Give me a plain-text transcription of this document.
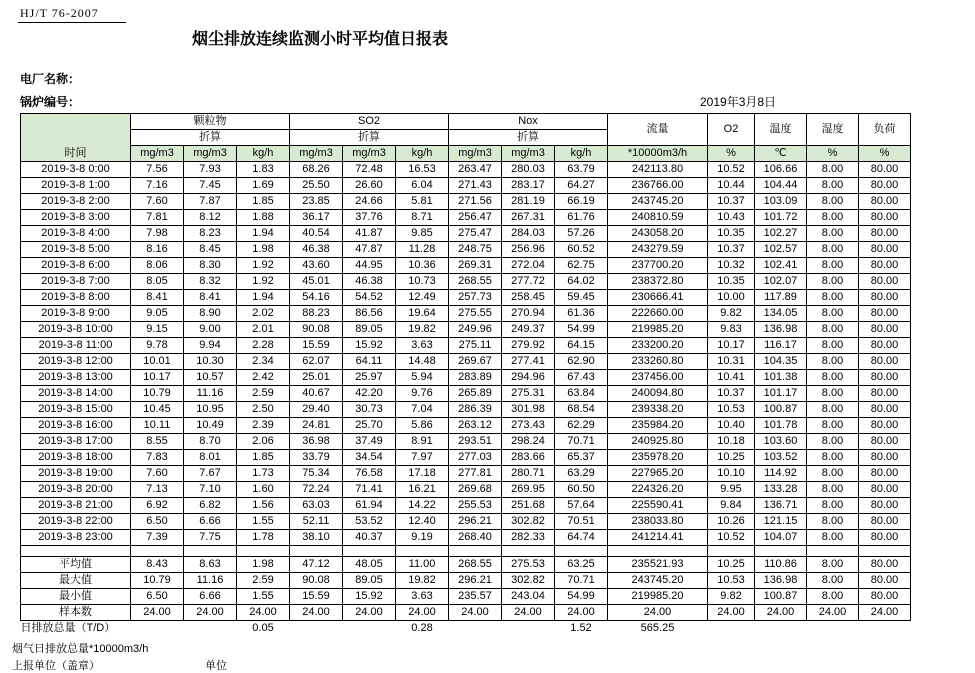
HJ/T 76-2007
烟尘排放连续监测小时平均值日报表
电厂名称：
锅炉编号：	2019年3月8日
时间	颗粒物			SO2			Nox			流量	O2	温度	湿度	负荷
		折算			折算			折算						
	mg/m3	mg/m3	kg/h	mg/m3	mg/m3	kg/h	mg/m3	mg/m3	kg/h	*10000m3/h	%	℃	%	%
2019-3-8 0:00	7.56	7.93	1.83	68.26	72.48	16.53	263.47	280.03	63.79	242113.80	10.52	106.66	8.00	80.00
2019-3-8 1:00	7.16	7.45	1.69	25.50	26.60	6.04	271.43	283.17	64.27	236766.00	10.44	104.44	8.00	80.00
2019-3-8 2:00	7.60	7.87	1.85	23.85	24.66	5.81	271.56	281.19	66.19	243745.20	10.37	103.09	8.00	80.00
2019-3-8 3:00	7.81	8.12	1.88	36.17	37.76	8.71	256.47	267.31	61.76	240810.59	10.43	101.72	8.00	80.00
2019-3-8 4:00	7.98	8.23	1.94	40.54	41.87	9.85	275.47	284.03	57.26	243058.20	10.35	102.27	8.00	80.00
2019-3-8 5:00	8.16	8.45	1.98	46.38	47.87	11.28	248.75	256.96	60.52	243279.59	10.37	102.57	8.00	80.00
2019-3-8 6:00	8.06	8.30	1.92	43.60	44.95	10.36	269.31	272.04	62.75	237700.20	10.32	102.41	8.00	80.00
2019-3-8 7:00	8.05	8.32	1.92	45.01	46.38	10.73	268.55	277.72	64.02	238372.80	10.35	102.07	8.00	80.00
2019-3-8 8:00	8.41	8.41	1.94	54.16	54.52	12.49	257.73	258.45	59.45	230666.41	10.00	117.89	8.00	80.00
2019-3-8 9:00	9.05	8.90	2.02	88.23	86.56	19.64	275.55	270.94	61.36	222660.00	9.82	134.05	8.00	80.00
2019-3-8 10:00	9.15	9.00	2.01	90.08	89.05	19.82	249.96	249.37	54.99	219985.20	9.83	136.98	8.00	80.00
2019-3-8 11:00	9.78	9.94	2.28	15.59	15.92	3.63	275.11	279.92	64.15	233200.20	10.17	116.17	8.00	80.00
2019-3-8 12:00	10.01	10.30	2.34	62.07	64.11	14.48	269.67	277.41	62.90	233260.80	10.31	104.35	8.00	80.00
2019-3-8 13:00	10.17	10.57	2.42	25.01	25.97	5.94	283.89	294.96	67.43	237456.00	10.41	101.38	8.00	80.00
2019-3-8 14:00	10.79	11.16	2.59	40.67	42.20	9.76	265.89	275.31	63.84	240094.80	10.37	101.17	8.00	80.00
2019-3-8 15:00	10.45	10.95	2.50	29.40	30.73	7.04	286.39	301.98	68.54	239338.20	10.53	100.87	8.00	80.00
2019-3-8 16:00	10.11	10.49	2.39	24.81	25.70	5.86	263.12	273.43	62.29	235984.20	10.40	101.78	8.00	80.00
2019-3-8 17:00	8.55	8.70	2.06	36.98	37.49	8.91	293.51	298.24	70.71	240925.80	10.18	103.60	8.00	80.00
2019-3-8 18:00	7.83	8.01	1.85	33.79	34.54	7.97	277.03	283.66	65.37	235978.20	10.25	103.52	8.00	80.00
2019-3-8 19:00	7.60	7.67	1.73	75.34	76.58	17.18	277.81	280.71	63.29	227965.20	10.10	114.92	8.00	80.00
2019-3-8 20:00	7.13	7.10	1.60	72.24	71.41	16.21	269.68	269.95	60.50	224326.20	9.95	133.28	8.00	80.00
2019-3-8 21:00	6.92	6.82	1.56	63.03	61.94	14.22	255.53	251.68	57.64	225590.41	9.84	136.71	8.00	80.00
2019-3-8 22:00	6.50	6.66	1.55	52.11	53.52	12.40	296.21	302.82	70.51	238033.80	10.26	121.15	8.00	80.00
2019-3-8 23:00	7.39	7.75	1.78	38.10	40.37	9.19	268.40	282.33	64.74	241214.41	10.52	104.07	8.00	80.00

平均值	8.43	8.63	1.98	47.12	48.05	11.00	268.55	275.53	63.25	235521.93	10.25	110.86	8.00	80.00
最大值	10.79	11.16	2.59	90.08	89.05	19.82	296.21	302.82	70.71	243745.20	10.53	136.98	8.00	80.00
最小值	6.50	6.66	1.55	15.59	15.92	3.63	235.57	243.04	54.99	219985.20	9.82	100.87	8.00	80.00
样本数	24.00	24.00	24.00	24.00	24.00	24.00	24.00	24.00	24.00	24.00	24.00	24.00	24.00	24.00
日排放总量（T/D）			0.05			0.28			1.52	565.25				
烟气日排放总量*10000m3/h
上报单位（盖章）	单位
